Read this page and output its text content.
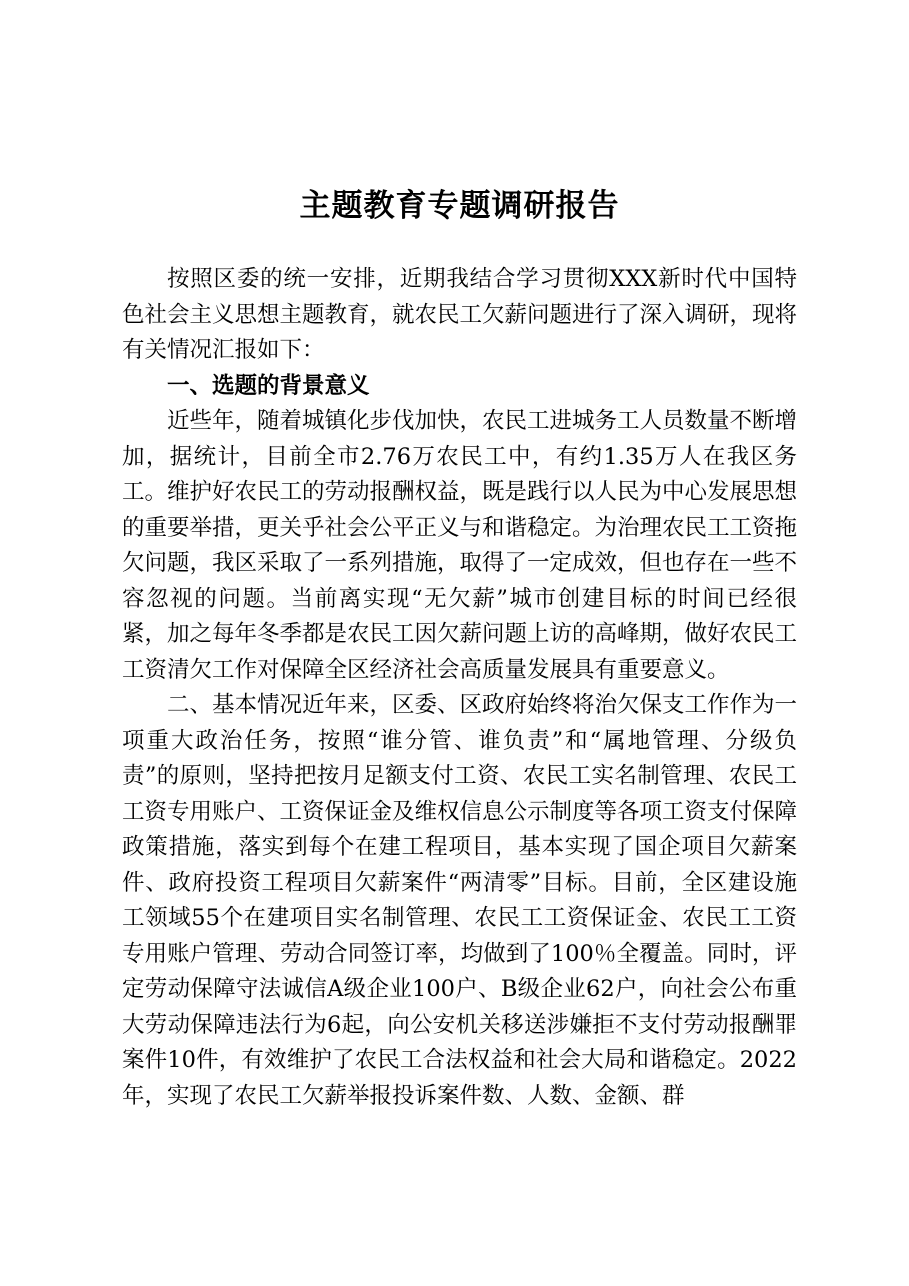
主题教育专题调研报告

按照区委的统一安排，近期我结合学习贯彻XXX新时代中国特色社会主义思想主题教育，就农民工欠薪问题进行了深入调研，现将有关情况汇报如下：

一、选题的背景意义

近些年，随着城镇化步伐加快，农民工进城务工人员数量不断增加，据统计，目前全市2.76万农民工中，有约1.35万人在我区务工。维护好农民工的劳动报酬权益，既是践行以人民为中心发展思想的重要举措，更关乎社会公平正义与和谐稳定。为治理农民工工资拖欠问题，我区采取了一系列措施，取得了一定成效，但也存在一些不容忽视的问题。当前离实现“无欠薪”城市创建目标的时间已经很紧，加之每年冬季都是农民工因欠薪问题上访的高峰期，做好农民工工资清欠工作对保障全区经济社会高质量发展具有重要意义。

二、基本情况近年来，区委、区政府始终将治欠保支工作作为一项重大政治任务，按照“谁分管、谁负责”和“属地管理、分级负责”的原则，坚持把按月足额支付工资、农民工实名制管理、农民工工资专用账户、工资保证金及维权信息公示制度等各项工资支付保障政策措施，落实到每个在建工程项目，基本实现了国企项目欠薪案件、政府投资工程项目欠薪案件“两清零”目标。目前，全区建设施工领域55个在建项目实名制管理、农民工工资保证金、农民工工资专用账户管理、劳动合同签订率，均做到了100％全覆盖。同时，评定劳动保障守法诚信A级企业100户、B级企业62户，向社会公布重大劳动保障违法行为6起，向公安机关移送涉嫌拒不支付劳动报酬罪案件10件，有效维护了农民工合法权益和社会大局和谐稳定。2022年，实现了农民工欠薪举报投诉案件数、人数、金额、群
